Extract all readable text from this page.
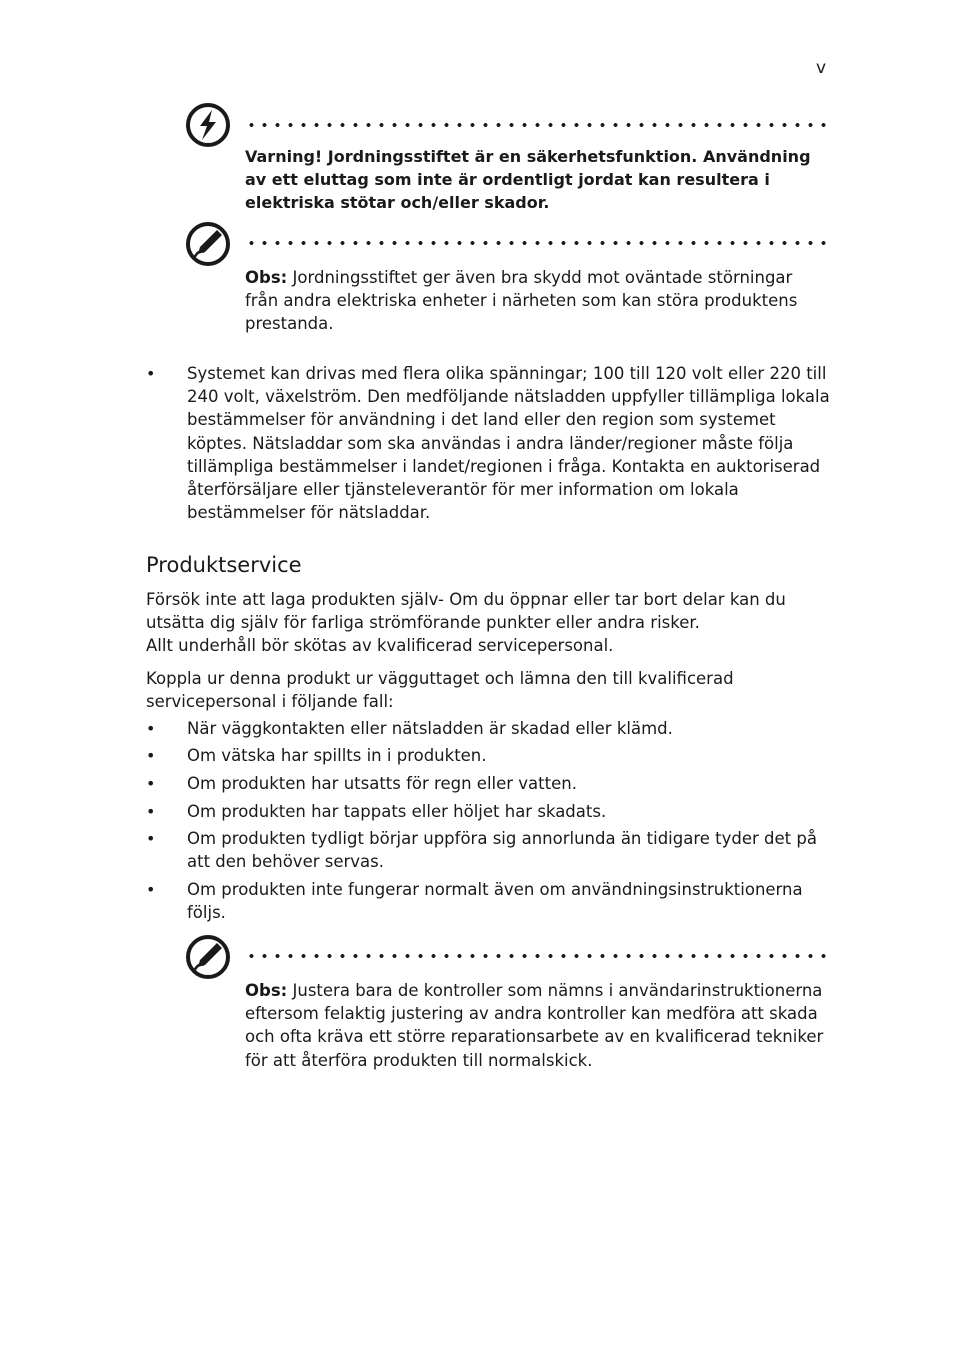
v
Varning! Jordningsstiftet är en säkerhetsfunktion. Användning av ett eluttag som inte är ordentligt jordat kan resultera i elektriska stötar och/eller skador.
Obs: Jordningsstiftet ger även bra skydd mot oväntade störningar från andra elektriska enheter i närheten som kan störa produktens prestanda.
• Systemet kan drivas med flera olika spänningar; 100 till 120 volt eller 220 till 240 volt, växelström. Den medföljande nätsladden uppfyller tillämpliga lokala bestämmelser för användning i det land eller den region som systemet köptes. Nätsladdar som ska användas i andra länder/regioner måste följa tillämpliga bestämmelser i landet/regionen i fråga. Kontakta en auktoriserad återförsäljare eller tjänsteleverantör för mer information om lokala bestämmelser för nätsladdar.
Produktservice
Försök inte att laga produkten själv- Om du öppnar eller tar bort delar kan du utsätta dig själv för farliga strömförande punkter eller andra risker.
Allt underhåll bör skötas av kvalificerad servicepersonal.
Koppla ur denna produkt ur vägguttaget och lämna den till kvalificerad servicepersonal i följande fall:
• När väggkontakten eller nätsladden är skadad eller klämd.
• Om vätska har spillts in i produkten.
• Om produkten har utsatts för regn eller vatten.
• Om produkten har tappats eller höljet har skadats.
• Om produkten tydligt börjar uppföra sig annorlunda än tidigare tyder det på att den behöver servas.
• Om produkten inte fungerar normalt även om användningsinstruktionerna följs.
Obs: Justera bara de kontroller som nämns i användarinstruktionerna eftersom felaktig justering av andra kontroller kan medföra att skada och ofta kräva ett större reparationsarbete av en kvalificerad tekniker för att återföra produkten till normalskick.
